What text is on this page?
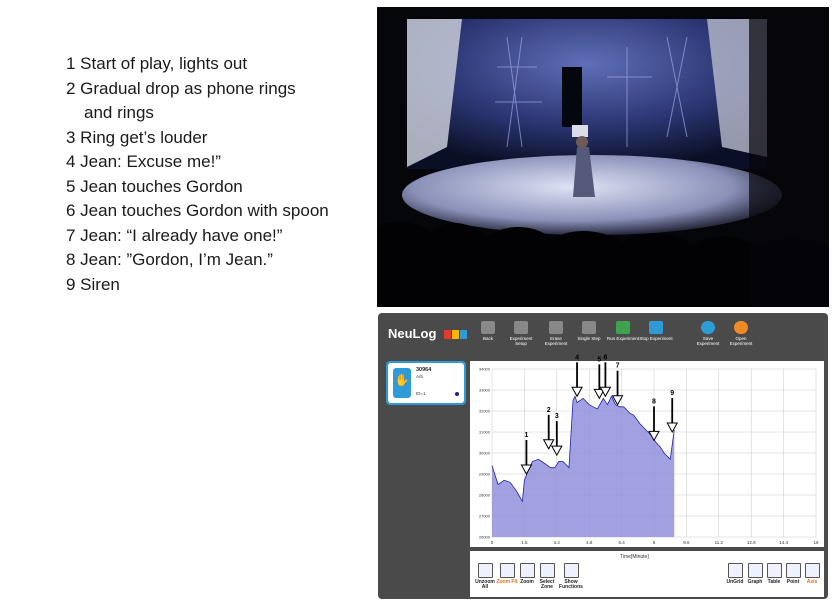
1 Start of play, lights out
2 Gradual drop as phone rings
and rings
3 Ring get’s louder
4 Jean: Excuse me!”
5 Jean touches Gordon
6 Jean touches Gordon with spoon
7 Jean: “I already have one!”
8 Jean: ”Gordon, I’m Jean.”
9 Siren
NeuLog	Back	Experiment Setup
Erase Experiment
Single Step	Run Experiment Stop Experiment	Save Experiment
Open Experiment
✋
30964
Arb
ID=1
0	1.6	3.2	4.8	6.4	8	9.6	11.2	12.8	14.4	16
26000
27000
28000
29000
30000
31000
32000
33000
34000
1
2
3
4	5 6
7
8
9
Time[Minute]
Unzoom All
Zoom Fit Zoom	Select Zone
Show Functions
UnGrid Graph	Table	Point	Axis
